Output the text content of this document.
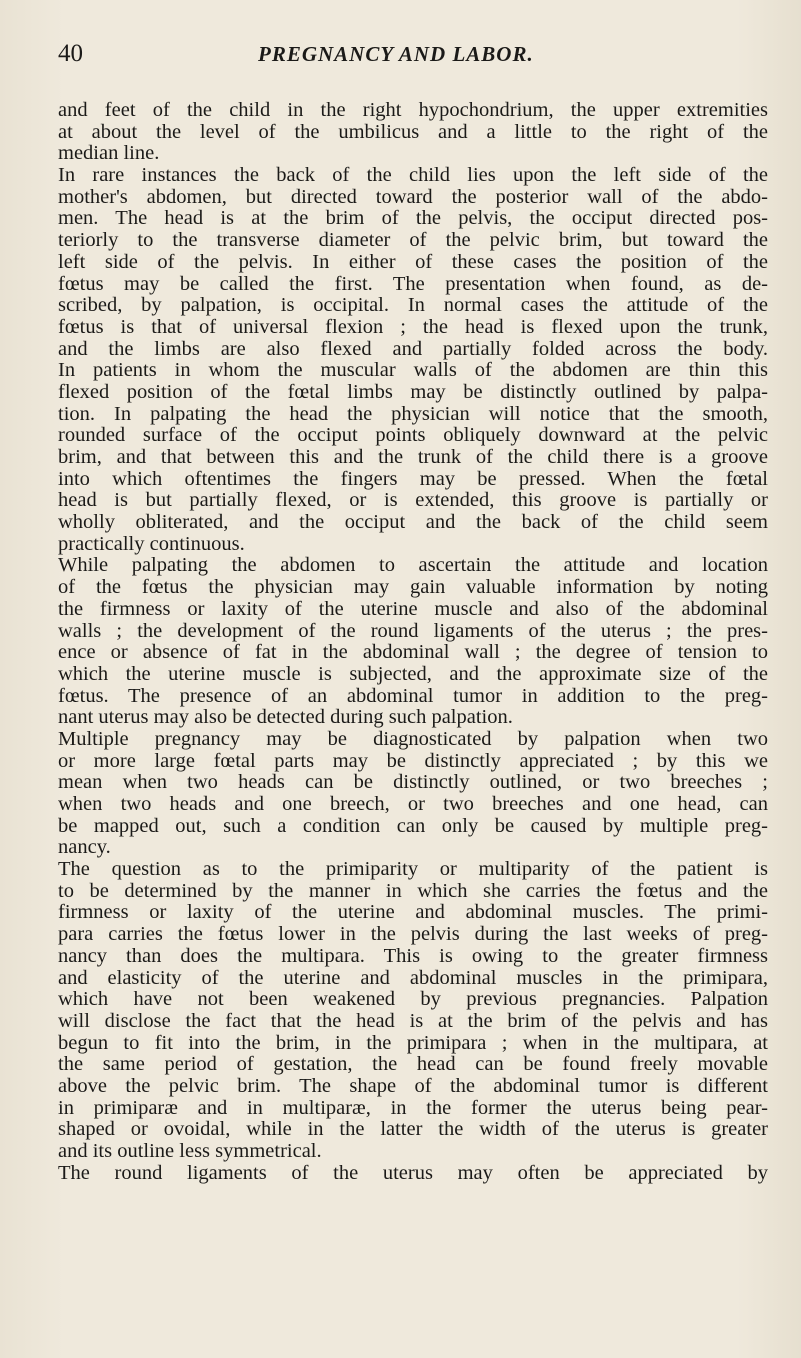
40	PREGNANCY AND LABOR.
and feet of the child in the right hypochondrium, the upper extremities
at about the level of the umbilicus and a little to the right of the
median line.
In rare instances the back of the child lies upon the left side of the
mother's abdomen, but directed toward the posterior wall of the abdo-
men. The head is at the brim of the pelvis, the occiput directed pos-
teriorly to the transverse diameter of the pelvic brim, but toward the
left side of the pelvis. In either of these cases the position of the
fœtus may be called the first. The presentation when found, as de-
scribed, by palpation, is occipital. In normal cases the attitude of the
fœtus is that of universal flexion ; the head is flexed upon the trunk,
and the limbs are also flexed and partially folded across the body.
In patients in whom the muscular walls of the abdomen are thin this
flexed position of the fœtal limbs may be distinctly outlined by palpa-
tion. In palpating the head the physician will notice that the smooth,
rounded surface of the occiput points obliquely downward at the pelvic
brim, and that between this and the trunk of the child there is a groove
into which oftentimes the fingers may be pressed. When the fœtal
head is but partially flexed, or is extended, this groove is partially or
wholly obliterated, and the occiput and the back of the child seem
practically continuous.
While palpating the abdomen to ascertain the attitude and location
of the fœtus the physician may gain valuable information by noting
the firmness or laxity of the uterine muscle and also of the abdominal
walls ; the development of the round ligaments of the uterus ; the pres-
ence or absence of fat in the abdominal wall ; the degree of tension to
which the uterine muscle is subjected, and the approximate size of the
fœtus. The presence of an abdominal tumor in addition to the preg-
nant uterus may also be detected during such palpation.
Multiple pregnancy may be diagnosticated by palpation when two
or more large fœtal parts may be distinctly appreciated ; by this we
mean when two heads can be distinctly outlined, or two breeches ;
when two heads and one breech, or two breeches and one head, can
be mapped out, such a condition can only be caused by multiple preg-
nancy.
The question as to the primiparity or multiparity of the patient is
to be determined by the manner in which she carries the fœtus and the
firmness or laxity of the uterine and abdominal muscles. The primi-
para carries the fœtus lower in the pelvis during the last weeks of preg-
nancy than does the multipara. This is owing to the greater firmness
and elasticity of the uterine and abdominal muscles in the primipara,
which have not been weakened by previous pregnancies. Palpation
will disclose the fact that the head is at the brim of the pelvis and has
begun to fit into the brim, in the primipara ; when in the multipara, at
the same period of gestation, the head can be found freely movable
above the pelvic brim. The shape of the abdominal tumor is different
in primiparæ and in multiparæ, in the former the uterus being pear-
shaped or ovoidal, while in the latter the width of the uterus is greater
and its outline less symmetrical.
The round ligaments of the uterus may often be appreciated by
